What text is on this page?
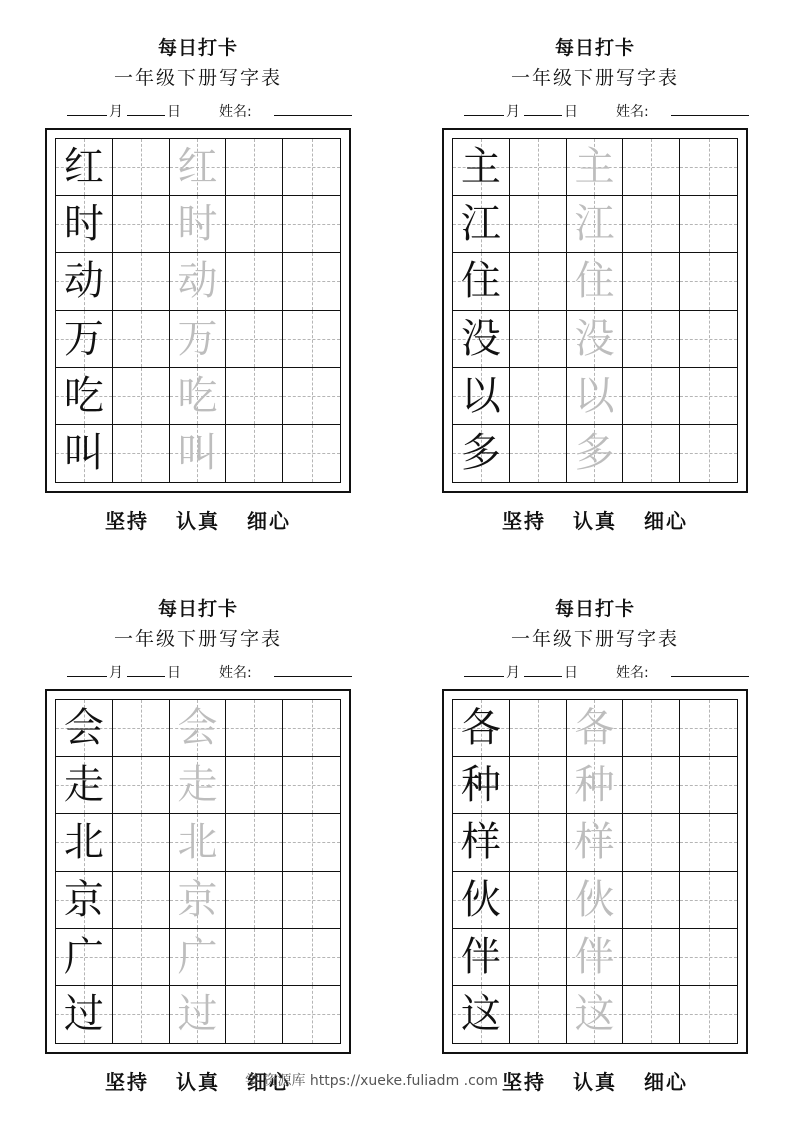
每日打卡
一年级下册写字表
月	日	姓名:
红 红
时 时
动 动
万 万
吃 吃
叫 叫
坚持 认真 细心
每日打卡
一年级下册写字表
月	日	姓名:
主 主
江 江
住 住
没 没
以 以
多 多
坚持 认真 细心
每日打卡
一年级下册写字表
月	日	姓名:
会 会
走 走
北 北
京 京
广 广
过 过
坚持 认真 细心
每日打卡
一年级下册写字表
月	日	姓名:
各 各
种 种
样 样
伙 伙
伴 伴
这 这
坚持 认真 细心
学 资源库 https://xueke.fuliadm .com
